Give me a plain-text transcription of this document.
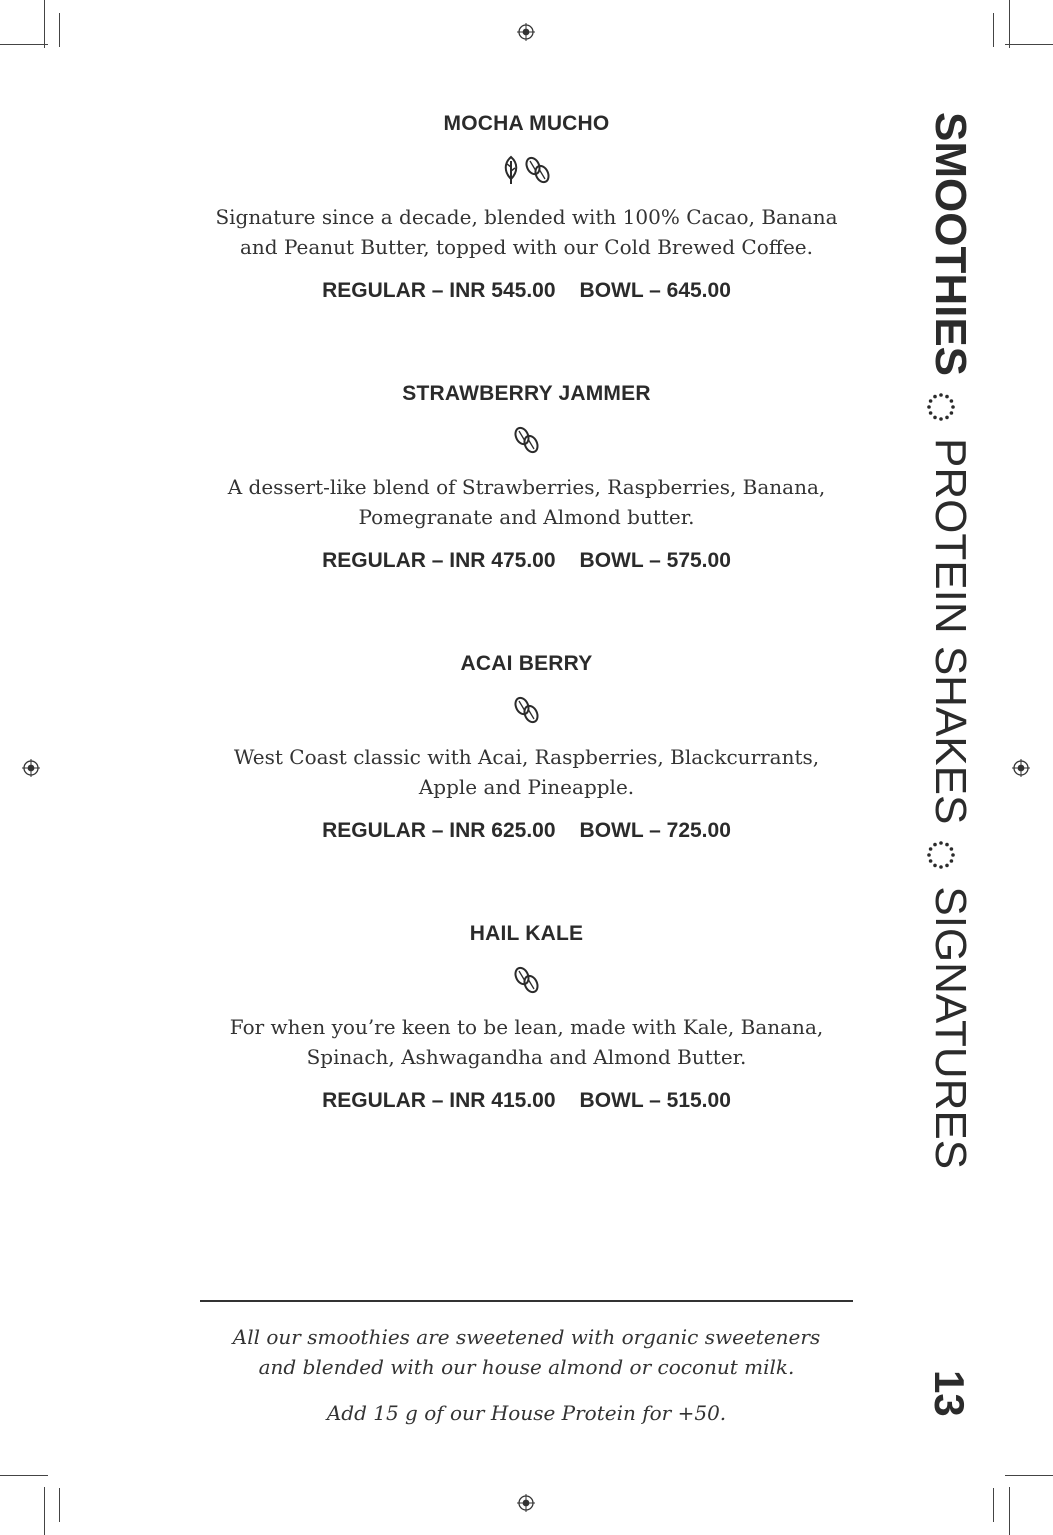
MOCHA MUCHO

Signature since a decade, blended with 100% Cacao, Banana and Peanut Butter, topped with our Cold Brewed Coffee.

REGULAR – INR 545.00 BOWL – 645.00
STRAWBERRY JAMMER

A dessert-like blend of Strawberries, Raspberries, Banana, Pomegranate and Almond butter.

REGULAR – INR 475.00 BOWL – 575.00
ACAI BERRY

West Coast classic with Acai, Raspberries, Blackcurrants, Apple and Pineapple.

REGULAR – INR 625.00 BOWL – 725.00
HAIL KALE

For when you’re keen to be lean, made with Kale, Banana, Spinach, Ashwagandha and Almond Butter.

REGULAR – INR 415.00 BOWL – 515.00
All our smoothies are sweetened with organic sweeteners and blended with our house almond or coconut milk.
Add 15 g of our House Protein for +50.
SMOOTHIES
PROTEIN SHAKES
SIGNATURES
13
